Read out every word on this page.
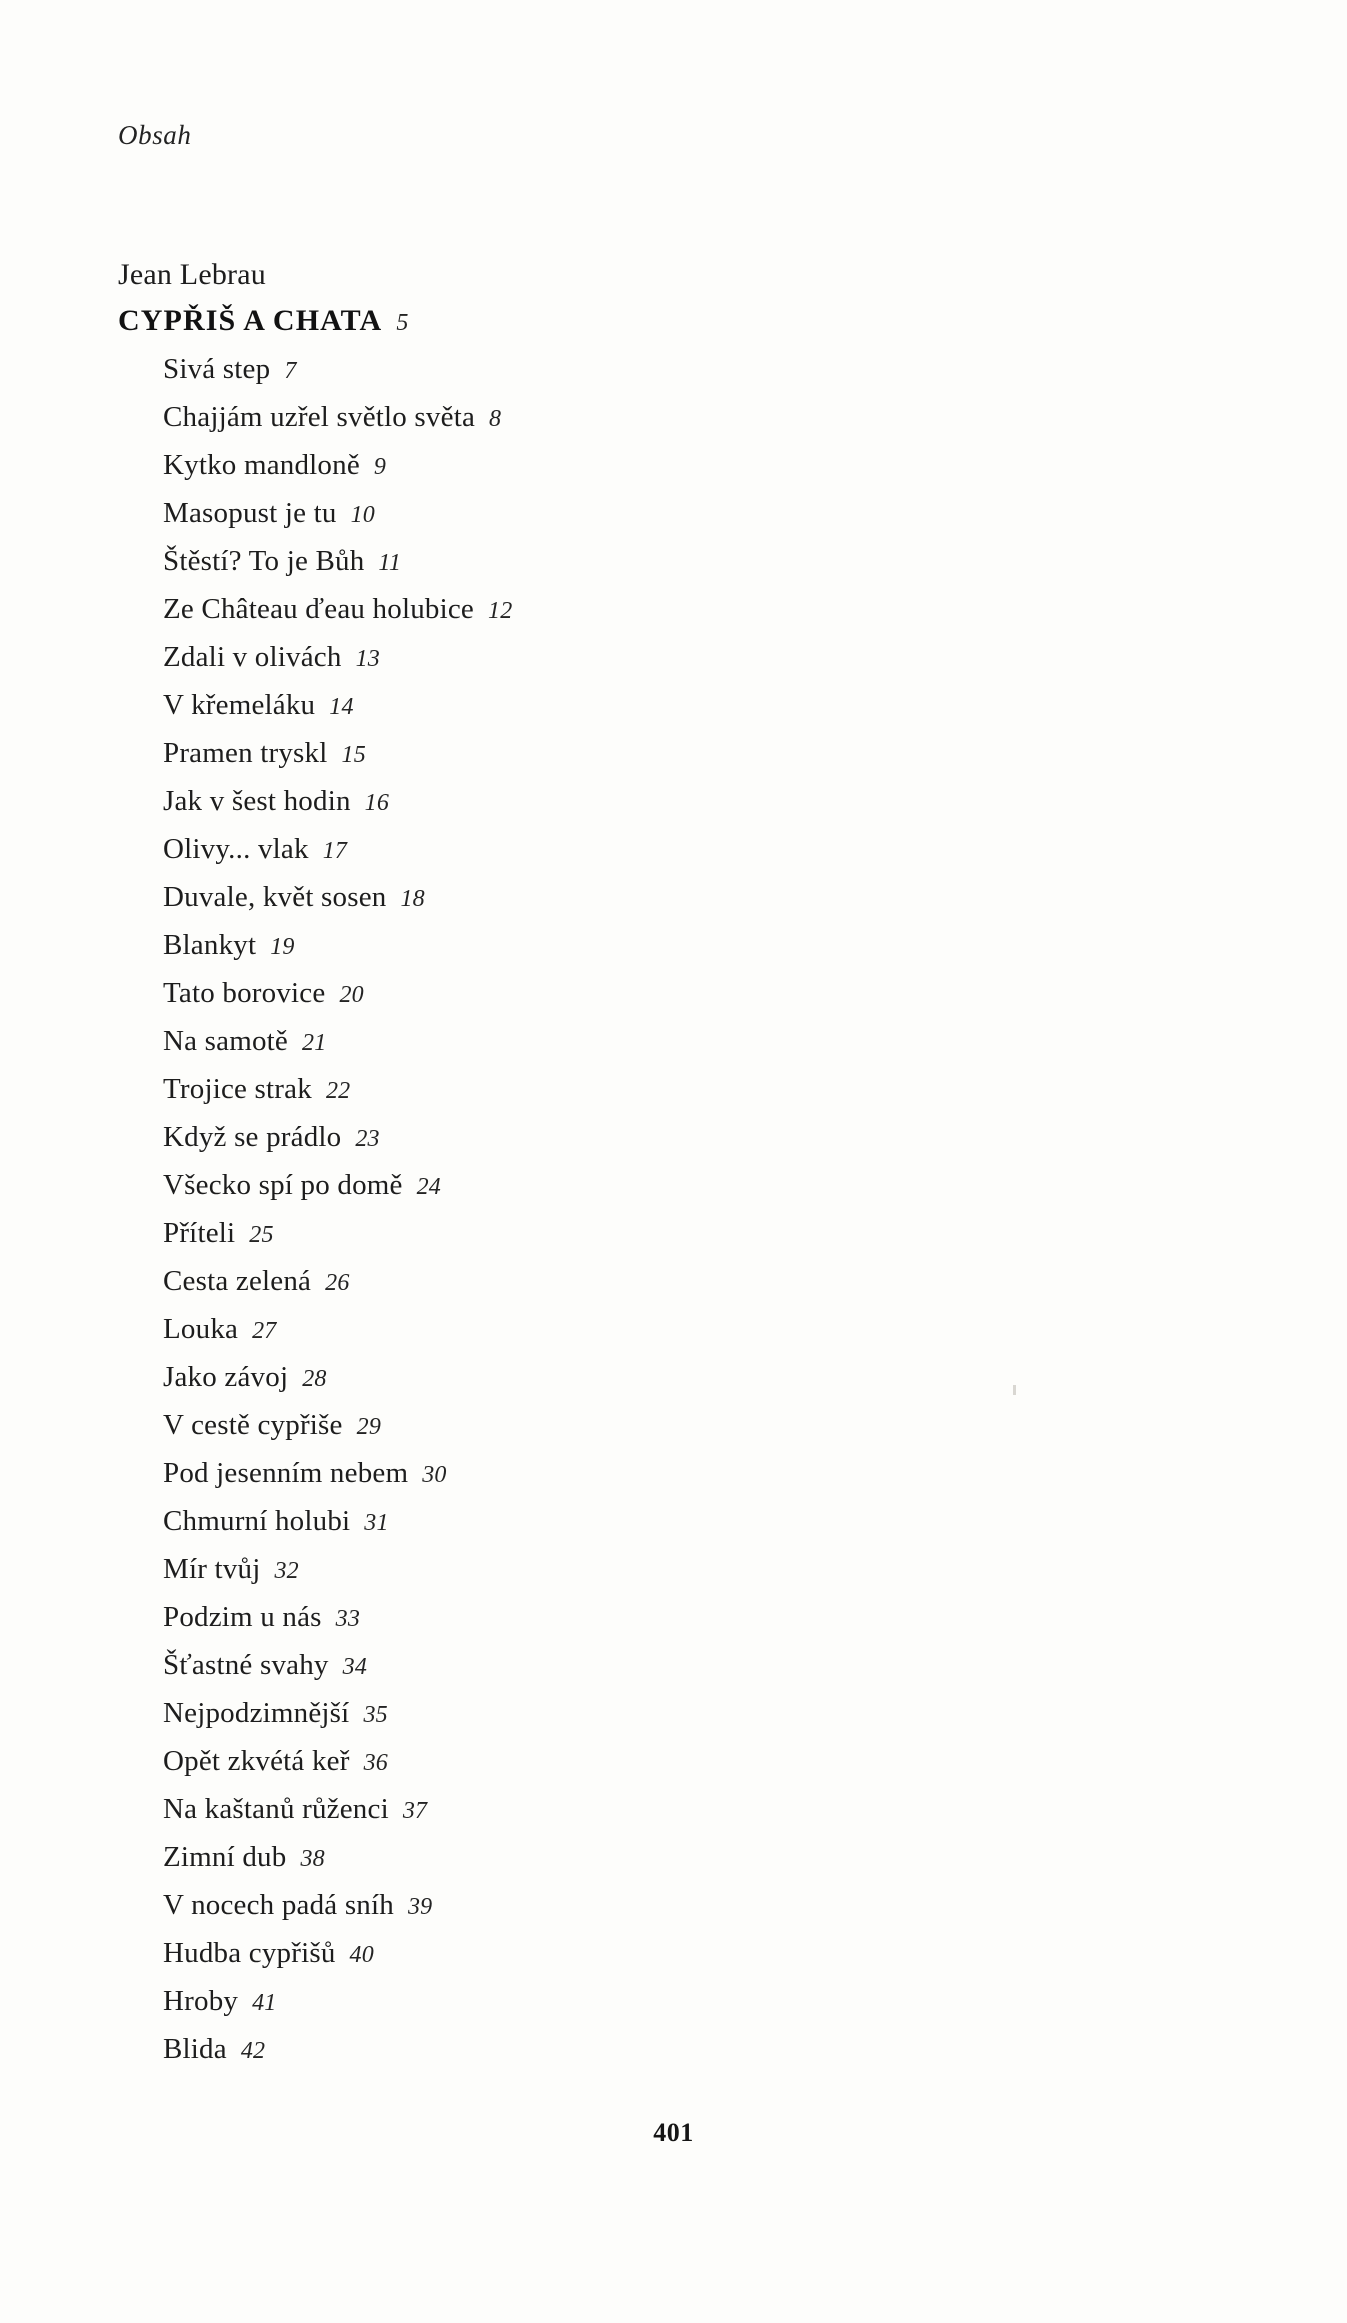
Obsah
Jean Lebrau
CYPŘIŠ A CHATA 5
Sivá step 7
Chajjám uzřel světlo světa 8
Kytko mandloně 9
Masopust je tu 10
Štěstí? To je Bůh 11
Ze Château ďeau holubice 12
Zdali v olivách 13
V křemeláku 14
Pramen tryskl 15
Jak v šest hodin 16
Olivy... vlak 17
Duvale, květ sosen 18
Blankyt 19
Tato borovice 20
Na samotě 21
Trojice strak 22
Když se prádlo 23
Všecko spí po domě 24
Příteli 25
Cesta zelená 26
Louka 27
Jako závoj 28
V cestě cypřiše 29
Pod jesenním nebem 30
Chmurní holubi 31
Mír tvůj 32
Podzim u nás 33
Šťastné svahy 34
Nejpodzimnější 35
Opět zkvétá keř 36
Na kaštanů růženci 37
Zimní dub 38
V nocech padá sníh 39
Hudba cypřišů 40
Hroby 41
Blida 42
401
